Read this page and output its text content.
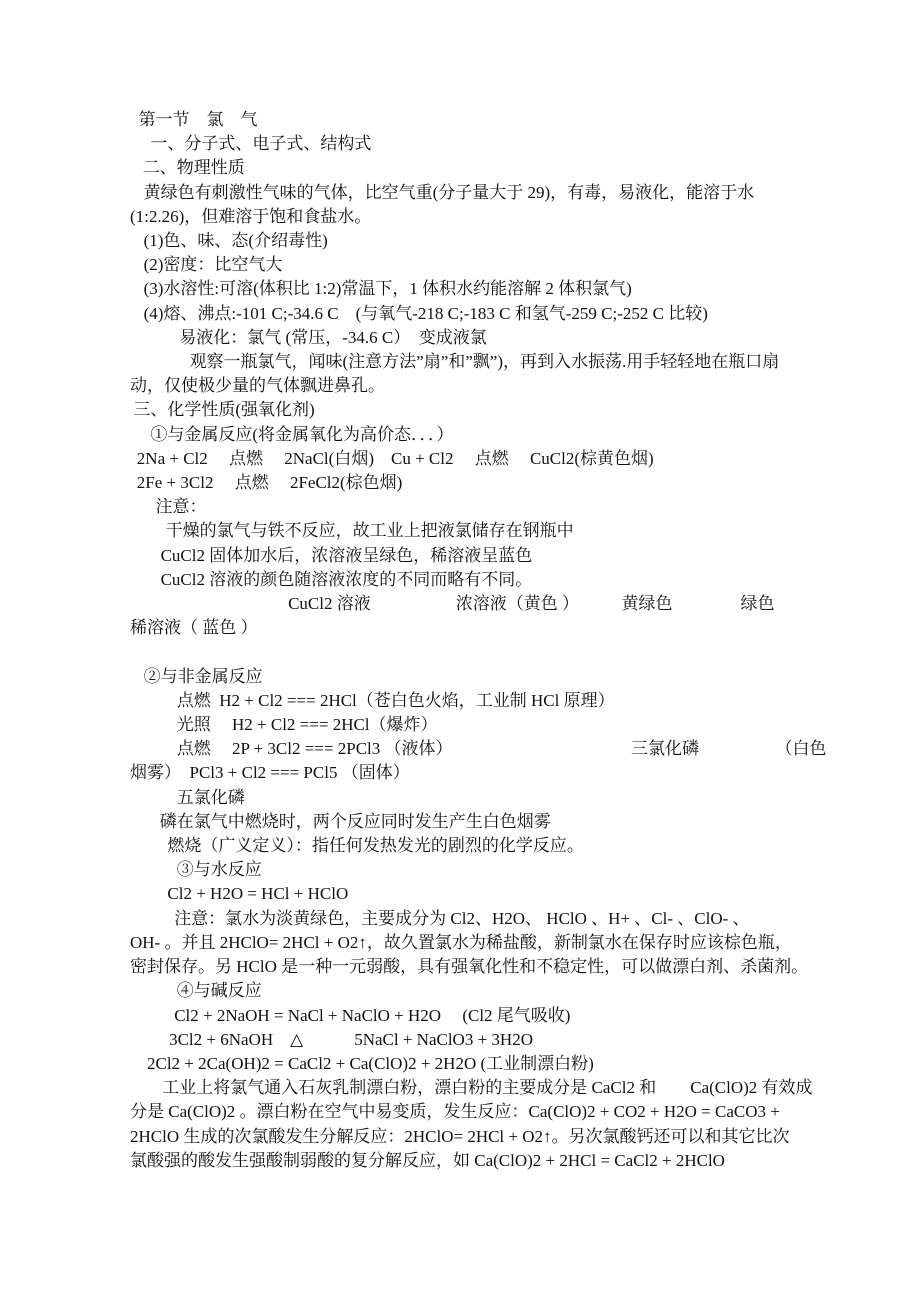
第一节　氯　气
一、分子式、电子式、结构式
二、物理性质
黄绿色有刺激性气味的气体，比空气重(分子量大于 29)，有毒，易液化，能溶于水
(1:2.26)，但难溶于饱和食盐水。
(1)色、味、态(介绍毒性)
(2)密度：比空气大
(3)水溶性:可溶(体积比 1:2)常温下，1 体积水约能溶解 2 体积氯气)
(4)熔、沸点:-101 C;-34.6 C　(与氧气-218 C;-183 C 和氢气-259 C;-252 C 比较)
易液化：氯气 (常压，-34.6 C）　变成液氯
观察一瓶氯气，闻味(注意方法”扇”和”飘”)，再到入水振荡.用手轻轻地在瓶口扇
动，仅使极少量的气体飘进鼻孔。
三、化学性质(强氧化剂)
①与金属反应(将金属氧化为高价态．．．）
2Na + Cl2　 点燃　 2NaCl(白烟)　Cu + Cl2　 点燃　 CuCl2(棕黄色烟)
2Fe + 3Cl2　 点燃　 2FeCl2(棕色烟)
注意：
干燥的氯气与铁不反应，故工业上把液氯储存在钢瓶中
CuCl2 固体加水后，浓溶液呈绿色，稀溶液呈蓝色
CuCl2 溶液的颜色随溶液浓度的不同而略有不同。
CuCl2 溶液　　　　　浓溶液（黄色 ）　　　黄绿色　　　　绿色
稀溶液（ 蓝色 ）
②与非金属反应
点燃  H2 + Cl2 === 2HCl（苍白色火焰，工业制 HCl 原理）
光照　 H2 + Cl2 === 2HCl（爆炸）
点燃　 2P + 3Cl2 === 2PCl3 （液体）　　　　　　　　　　　三氯化磷　　　　　（白色
烟雾）　PCl3 + Cl2 === PCl5 （固体）
五氯化磷
磷在氯气中燃烧时，两个反应同时发生产生白色烟雾
燃烧（广义定义）：指任何发热发光的剧烈的化学反应。
③与水反应
Cl2 + H2O = HCl + HClO
注意：氯水为淡黄绿色，主要成分为 Cl2、H2O、 HClO 、H+ 、Cl- 、ClO- 、
OH- 。并且 2HClO= 2HCl + O2↑，故久置氯水为稀盐酸，新制氯水在保存时应该棕色瓶，
密封保存。另 HClO 是一种一元弱酸，具有强氧化性和不稳定性，可以做漂白剂、杀菌剂。
④与碱反应
Cl2 + 2NaOH = NaCl + NaClO + H2O　 (Cl2 尾气吸收)
3Cl2 + 6NaOH　△　　　5NaCl + NaClO3 + 3H2O
2Cl2 + 2Ca(OH)2 = CaCl2 + Ca(ClO)2 + 2H2O (工业制漂白粉)
工业上将氯气通入石灰乳制漂白粉，漂白粉的主要成分是 CaCl2 和　　Ca(ClO)2 有效成
分是 Ca(ClO)2 。漂白粉在空气中易变质，发生反应：Ca(ClO)2 + CO2 + H2O = CaCO3 +
2HClO 生成的次氯酸发生分解反应：2HClO= 2HCl + O2↑。另次氯酸钙还可以和其它比次
氯酸强的酸发生强酸制弱酸的复分解反应，如 Ca(ClO)2 + 2HCl = CaCl2 + 2HClO
